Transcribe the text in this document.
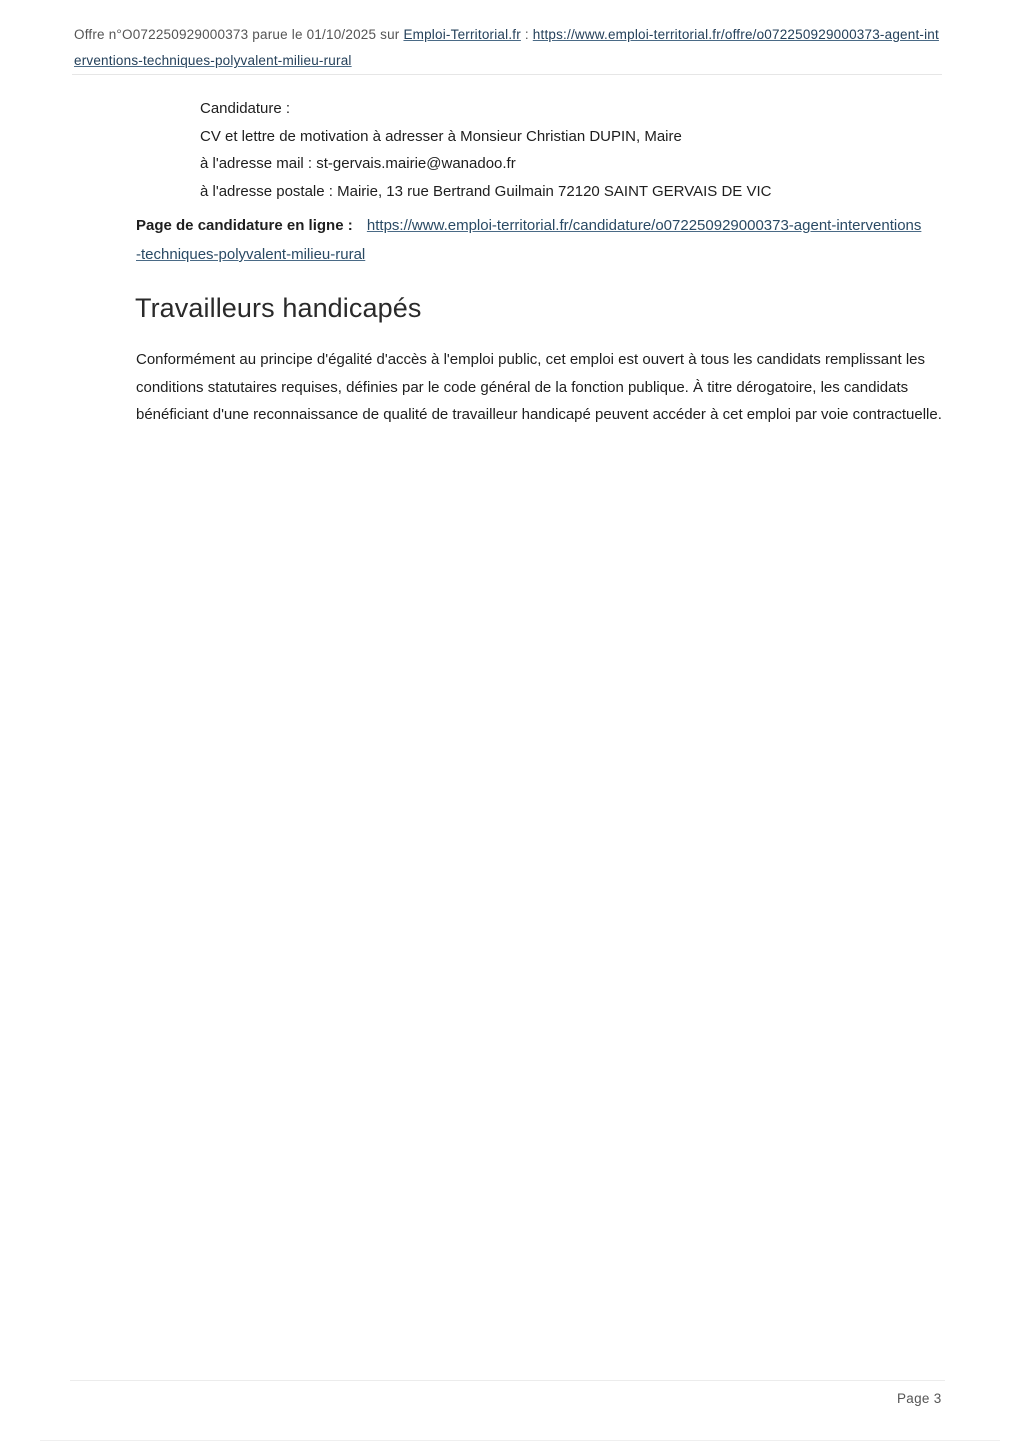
Offre n°O072250929000373 parue le 01/10/2025 sur Emploi-Territorial.fr : https://www.emploi-territorial.fr/offre/o072250929000373-agent-interventions-techniques-polyvalent-milieu-rural
Candidature :
CV et lettre de motivation à adresser à Monsieur Christian DUPIN, Maire
à l'adresse mail : st-gervais.mairie@wanadoo.fr
à l'adresse postale : Mairie, 13 rue Bertrand Guilmain 72120 SAINT GERVAIS DE VIC
Page de candidature en ligne : https://www.emploi-territorial.fr/candidature/o072250929000373-agent-interventions-techniques-polyvalent-milieu-rural
Travailleurs handicapés

Conformément au principe d'égalité d'accès à l'emploi public, cet emploi est ouvert à tous les candidats remplissant les conditions statutaires requises, définies par le code général de la fonction publique. À titre dérogatoire, les candidats bénéficiant d'une reconnaissance de qualité de travailleur handicapé peuvent accéder à cet emploi par voie contractuelle.

Page 3
